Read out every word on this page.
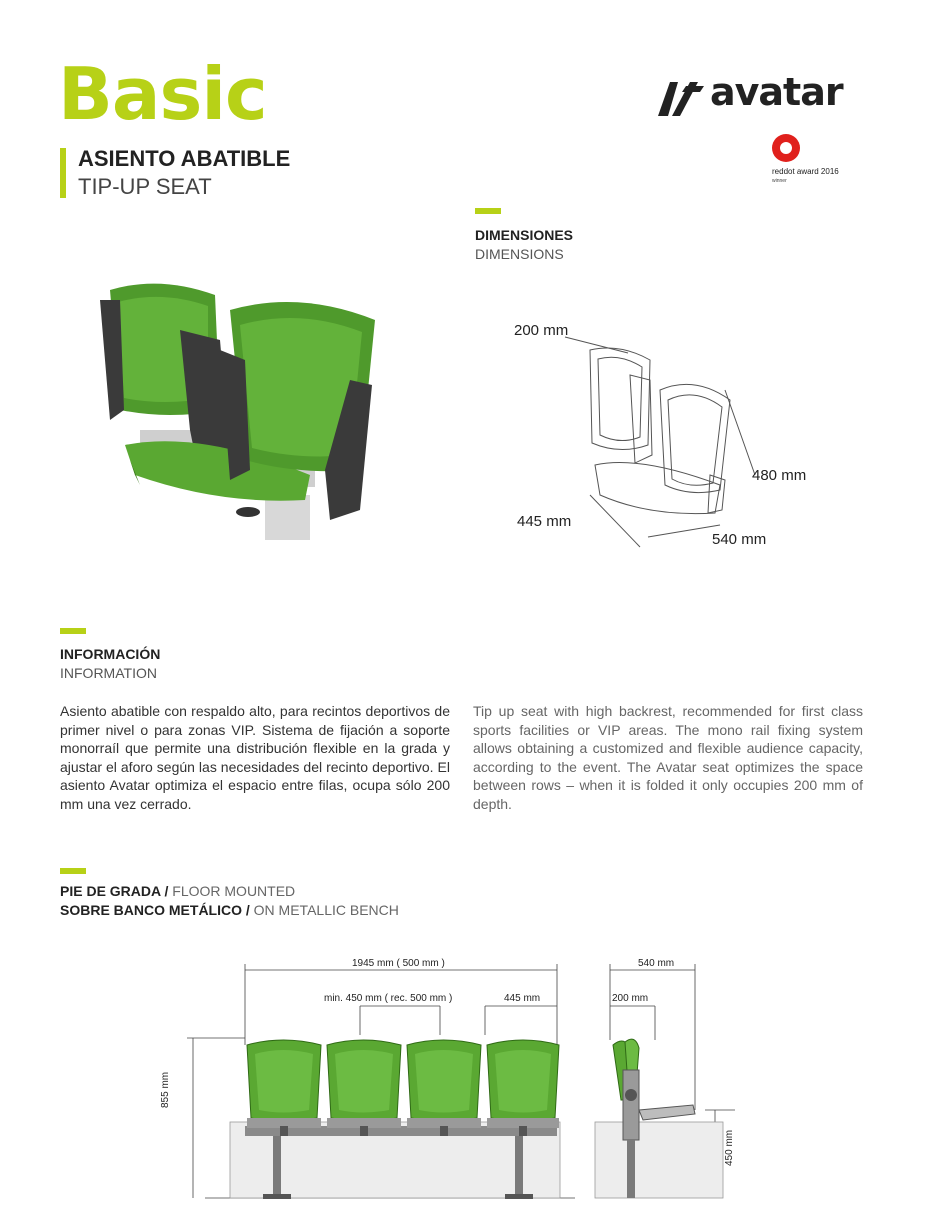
Basic
ASIENTO ABATIBLE
TIP-UP SEAT
avatar
reddot award 2016
winner
DIMENSIONES
DIMENSIONS
200 mm
480 mm
445 mm
540 mm
INFORMACIÓN
INFORMATION
Asiento abatible con respaldo alto, para recintos deportivos de primer nivel o para zonas VIP. Sistema de fijación a soporte monorraíl que permite una distribución flexible en la grada y ajustar el aforo según las necesidades del recinto deportivo. El asiento Avatar optimiza el espacio entre filas, ocupa sólo 200 mm una vez cerrado.
Tip up seat with high backrest, recommended for first class sports facilities or VIP areas. The mono rail fixing system allows obtaining a customized and flexible audience capacity, according to the event. The Avatar seat optimizes the space between rows – when it is folded it only occupies 200 mm of depth.
PIE DE GRADA / FLOOR MOUNTED
SOBRE BANCO METÁLICO / ON METALLIC BENCH
1945 mm ( 500 mm )
min. 450 mm ( rec. 500 mm )	445 mm
855 mm
540 mm
200 mm
450 mm
